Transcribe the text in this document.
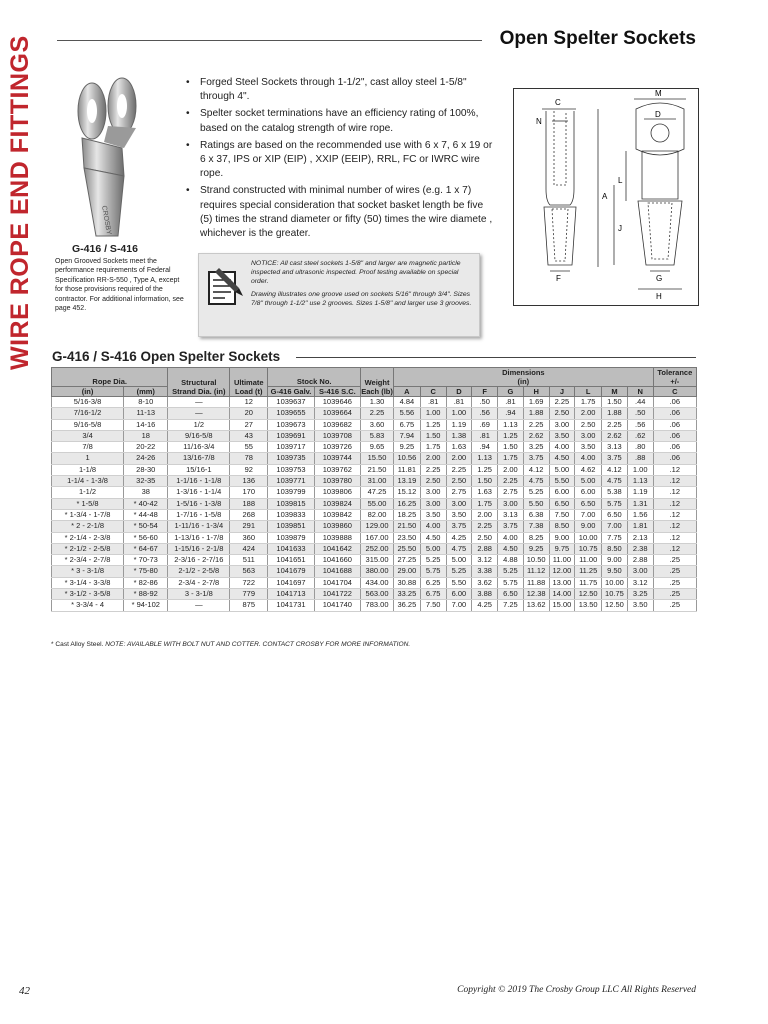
WIRE ROPE END FITTINGS	Open Spelter Sockets
CROSBY
G-416 / S-416
Open Grooved Sockets meet the performance requirements of Federal Specification RR-S-550 , Type A, except for those provisions required of the contractor. For additional information, see page 452.
• Forged Steel Sockets through 1-1/2", cast alloy steel 1-5/8" through 4".
• Spelter socket terminations have an efficiency rating of 100%, based on the catalog strength of wire rope.
• Ratings are based on the recommended use with 6 x 7, 6 x 19 or 6 x 37, IPS or XIP (EIP) , XXIP (EEIP), RRL, FC or IWRC wire rope.
• Strand constructed with minimal number of wires (e.g. 1 x 7) requires special consideration that socket basket length be five (5) times the strand diameter or fifty (50) times the wire diamete , whichever is the greater.

NOTICE: All cast steel sockets 1-5/8" and larger are magnetic particle inspected and ultrasonic inspected. Proof testing available on special order.

Drawing illustrates one groove used on sockets 5/16" through 3/4". Sizes 7/8" through 1-1/2" use 2 grooves. Sizes 1-5/8" and larger use 3 grooves.

C
N
M
D
A
L
J
F	G
H
G-416 / S-416 Open Spelter Sockets
Rope Dia.		Structural Strand Dia. (in)	Ultimate Load (t)	Stock No.		Weight Each (lb)	Dimensions
(in)										Tolerance +/-
(in)	(mm)			G-416 Galv.	S-416 S.C.		A	C	D	F	G	H	J	L	M	N	C
5/16-3/8	8-10	—	12	1039637	1039646	1.30	4.84	.81	.81	.50	.81	1.69	2.25	1.75	1.50	.44	.06
7/16-1/2	11-13	—	20	1039655	1039664	2.25	5.56	1.00	1.00	.56	.94	1.88	2.50	2.00	1.88	.50	.06
9/16-5/8	14-16	1/2	27	1039673	1039682	3.60	6.75	1.25	1.19	.69	1.13	2.25	3.00	2.50	2.25	.56	.06
3/4	18	9/16-5/8	43	1039691	1039708	5.83	7.94	1.50	1.38	.81	1.25	2.62	3.50	3.00	2.62	.62	.06
7/8	20-22	11/16-3/4	55	1039717	1039726	9.65	9.25	1.75	1.63	.94	1.50	3.25	4.00	3.50	3.13	.80	.06
1	24-26	13/16-7/8	78	1039735	1039744	15.50	10.56	2.00	2.00	1.13	1.75	3.75	4.50	4.00	3.75	.88	.06
1-1/8	28-30	15/16-1	92	1039753	1039762	21.50	11.81	2.25	2.25	1.25	2.00	4.12	5.00	4.62	4.12	1.00	.12
1-1/4 - 1-3/8	32-35	1-1/16 - 1-1/8	136	1039771	1039780	31.00	13.19	2.50	2.50	1.50	2.25	4.75	5.50	5.00	4.75	1.13	.12
1-1/2	38	1-3/16 - 1-1/4	170	1039799	1039806	47.25	15.12	3.00	2.75	1.63	2.75	5.25	6.00	6.00	5.38	1.19	.12
* 1-5/8	* 40-42	1-5/16 - 1-3/8	188	1039815	1039824	55.00	16.25	3.00	3.00	1.75	3.00	5.50	6.50	6.50	5.75	1.31	.12
* 1-3/4 - 1-7/8	* 44-48	1-7/16 - 1-5/8	268	1039833	1039842	82.00	18.25	3.50	3.50	2.00	3.13	6.38	7.50	7.00	6.50	1.56	.12
* 2 - 2-1/8	* 50-54	1-11/16 - 1-3/4	291	1039851	1039860	129.00	21.50	4.00	3.75	2.25	3.75	7.38	8.50	9.00	7.00	1.81	.12
* 2-1/4 - 2-3/8	* 56-60	1-13/16 - 1-7/8	360	1039879	1039888	167.00	23.50	4.50	4.25	2.50	4.00	8.25	9.00	10.00	7.75	2.13	.12
* 2-1/2 - 2-5/8	* 64-67	1-15/16 - 2-1/8	424	1041633	1041642	252.00	25.50	5.00	4.75	2.88	4.50	9.25	9.75	10.75	8.50	2.38	.12
* 2-3/4 - 2-7/8	* 70-73	2-3/16 - 2-7/16	511	1041651	1041660	315.00	27.25	5.25	5.00	3.12	4.88	10.50	11.00	11.00	9.00	2.88	.25
* 3 - 3-1/8	* 75-80	2-1/2 - 2-5/8	563	1041679	1041688	380.00	29.00	5.75	5.25	3.38	5.25	11.12	12.00	11.25	9.50	3.00	.25
* 3-1/4 - 3-3/8	* 82-86	2-3/4 - 2-7/8	722	1041697	1041704	434.00	30.88	6.25	5.50	3.62	5.75	11.88	13.00	11.75	10.00	3.12	.25
* 3-1/2 - 3-5/8	* 88-92	3 - 3-1/8	779	1041713	1041722	563.00	33.25	6.75	6.00	3.88	6.50	12.38	14.00	12.50	10.75	3.25	.25
* 3-3/4 - 4	* 94-102	—	875	1041731	1041740	783.00	36.25	7.50	7.00	4.25	7.25	13.62	15.00	13.50	12.50	3.50	.25
* Cast Alloy Steel. NOTE: AVAILABLE WITH BOLT NUT AND COTTER. CONTACT CROSBY FOR MORE INFORMATION.
42	Copyright © 2019 The Crosby Group LLC All Rights Reserved
